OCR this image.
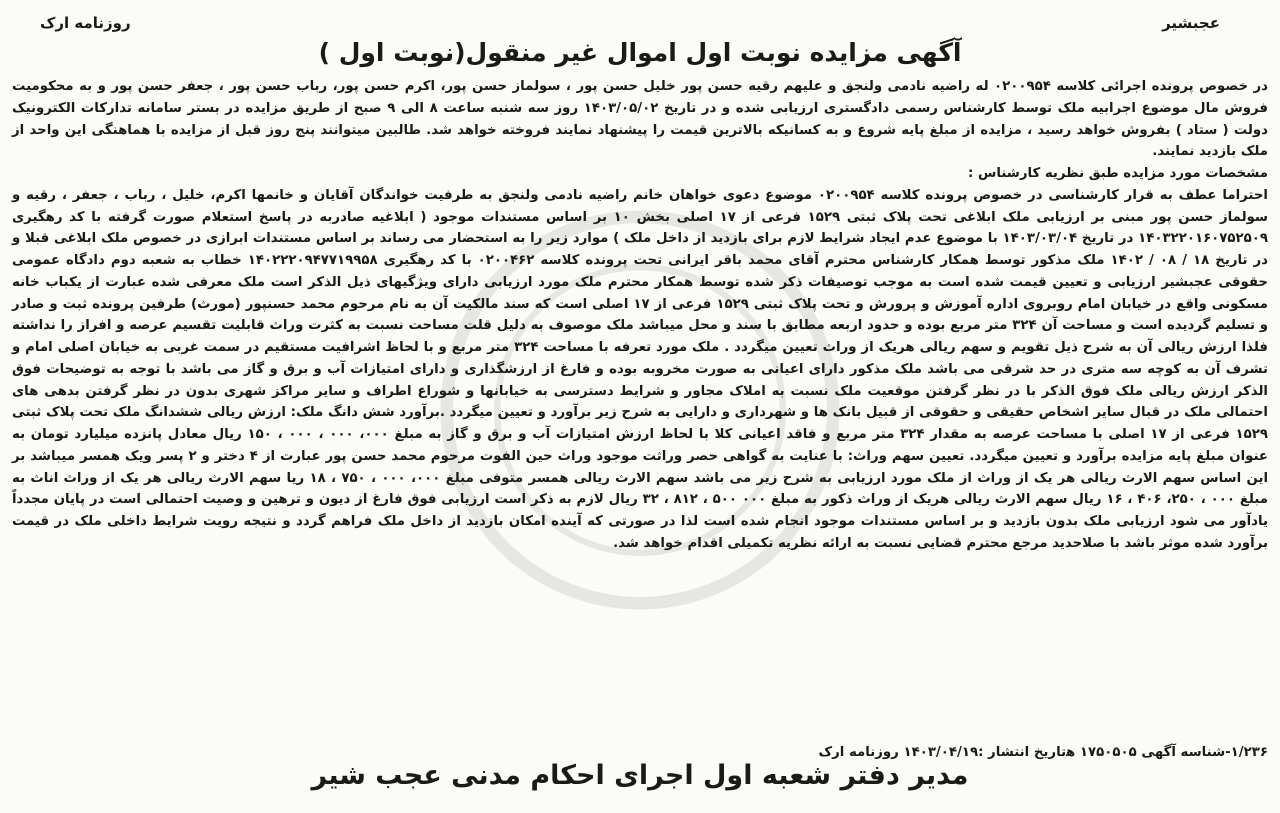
عجبشیر
روزنامه ارک
آگهی مزایده نوبت اول اموال غیر منقول(نوبت اول )

در خصوص پرونده اجرائی کلاسه ۰۲۰۰۹۵۴ له راضیه نادمی ولنجق و علیهم رقیه حسن پور خلیل حسن پور ، سولماز حسن پور، اکرم حسن پور، رباب حسن پور ، جعفر حسن پور و به محکومیت فروش مال موضوع اجرابیه ملک توسط کارشناس رسمی دادگستری ارزیابی شده و در تاریخ ۱۴۰۳/۰۵/۰۲ روز سه شنبه ساعت ۸ الی ۹ صبح از طریق مزایده در بستر سامانه تدارکات الکترونیک دولت ( ستاد ) بفروش خواهد رسید ، مزایده از مبلغ پایه شروع و به کسانیکه بالاترین قیمت را پیشنهاد نمایند فروخته خواهد شد. طالبین میتوانند پنج روز قبل از مزایده با هماهنگی این واحد از ملک بازدید نمایند.

مشخصات مورد مزایده طبق نظریه کارشناس :

احتراما عطف به قرار کارشناسی در خصوص پرونده کلاسه ۰۲۰۰۹۵۴ موضوع دعوی خواهان خانم راضیه نادمی ولنجق به طرفیت خواندگان آقایان و خانمها اکرم، خلیل ، رباب ، جعفر ، رقیه و سولماز حسن پور مبنی بر ارزیابی ملک ابلاغی تحت پلاک ثبتی ۱۵۲۹ فرعی از ۱۷ اصلی بخش ۱۰ بر اساس مستندات موجود ( ابلاغیه صادربه در پاسخ استعلام صورت گرفته با کد رهگیری ۱۴۰۳۲۲۰۱۶۰۷۵۲۵۰۹ در تاریخ ۱۴۰۳/۰۳/۰۴ با موضوع عدم ایجاد شرایط لازم برای بازدید از داخل ملک ) موارد زیر را به استحضار می رساند بر اساس مستندات ابرازی در خصوص ملک ابلاغی قبلا و در تاریخ ۱۸ / ۰۸ / ۱۴۰۲ ملک مذکور توسط همکار کارشناس محترم آقای محمد باقر ایرانی تحت پرونده کلاسه ۰۲۰۰۴۶۲ با کد رهگیری ۱۴۰۲۲۲۰۹۴۷۷۱۹۹۵۸ خطاب به شعبه دوم دادگاه عمومی حقوقی عجبشیر ارزیابی و تعیین قیمت شده است به موجب توصیفات ذکر شده توسط همکار محترم ملک مورد ارزیابی دارای ویژگیهای ذیل الذکر است ملک معرفی شده عبارت از یکباب خانه مسکونی واقع در خیابان امام روبروی اداره آموزش و پرورش و تحت پلاک ثبتی ۱۵۲۹ فرعی از ۱۷ اصلی است که سند مالکیت آن به نام مرحوم محمد حسنپور (مورث) طرفین پرونده ثبت و صادر و تسلیم گردیده است و مساحت آن ۳۲۴ متر مربع بوده و حدود اربعه مطابق با سند و محل میباشد ملک موصوف به دلیل قلت مساحت نسبت به کثرت وراث قابلیت تقسیم عرصه و افراز را نداشته فلذا ارزش ریالی آن به شرح ذیل تقویم و سهم ریالی هریک از وراث تعیین میگردد . ملک مورد تعرفه با مساحت ۳۲۴ متر مربع و با لحاظ اشرافیت مستقیم در سمت غربی به خیابان اصلی امام و تشرف آن به کوچه سه متری در حد شرقی می باشد ملک مذکور دارای اعیانی به صورت مخروبه بوده و فارغ از ارزشگذاری و دارای امتیازات آب و برق و گاز می باشد با توجه به توضیحات فوق الذکر ارزش ریالی ملک فوق الذکر با در نظر گرفتن موقعیت ملک نسبت به املاک مجاور و شرایط دسترسی به خیابانها و شوراع اطراف و سایر مراکز شهری بدون در نظر گرفتن بدهی های احتمالی ملک در قبال سایر اشخاص حقیقی و حقوقی از قبیل بانک ها و شهرداری و دارایی به شرح زیر برآورد و تعیین میگردد .برآورد شش دانگ ملک: ارزش ریالی ششدانگ ملک تحت پلاک ثبتی ۱۵۲۹ فرعی از ۱۷ اصلی با مساحت عرصه به مقدار ۳۲۴ متر مربع و فاقد اعیانی کلا با لحاظ ارزش امتیازات آب و برق و گاز به مبلغ ۰۰۰، ۰۰۰ ، ۰۰۰ ، ۱۵۰ ریال معادل پانزده میلیارد تومان به عنوان مبلغ پایه مزایده برآورد و تعیین میگردد. تعیین سهم وراث: با عنایت به گواهی حصر وراثت موجود وراث حین الفوت مرحوم محمد حسن پور عبارت از ۴ دختر و ۲ پسر ویک همسر میباشد بر این اساس سهم الارث ریالی هر یک از وراث از ملک مورد ارزیابی به شرح زیر می باشد سهم الارث ریالی همسر متوفی مبلغ ۰۰۰، ۰۰۰ ، ۷۵۰ ، ۱۸ ریا سهم الارث ریالی هر یک از وراث اناث به مبلغ ۰۰۰ ، ۲۵۰، ۴۰۶ ، ۱۶ ریال سهم الارث ریالی هریک از وراث ذکور به مبلغ ۰۰۰ ۵۰۰ ، ۸۱۲ ، ۳۲ ریال لازم به ذکر است ارزیابی فوق فارغ از دیون و ترهین و وصیت احتمالی است در پایان مجدداً یادآور می شود ارزیابی ملک بدون بازدید و بر اساس مستندات موجود انجام شده است لذا در صورتی که آینده امکان بازدید از داخل ملک فراهم گردد و نتیجه رویت شرایط داخلی ملک در قیمت برآورد شده موثر باشد با صلاحدید مرجع محترم قضایی نسبت به ارائه نظریه تکمیلی اقدام خواهد شد.

۱/۲۳۶-شناسه آگهی ۱۷۵۰۵۰۵ ﻫتاریخ انتشار :۱۴۰۳/۰۴/۱۹ روزنامه ارک
مدیر دفتر شعبه اول اجرای احکام مدنی عجب شیر
